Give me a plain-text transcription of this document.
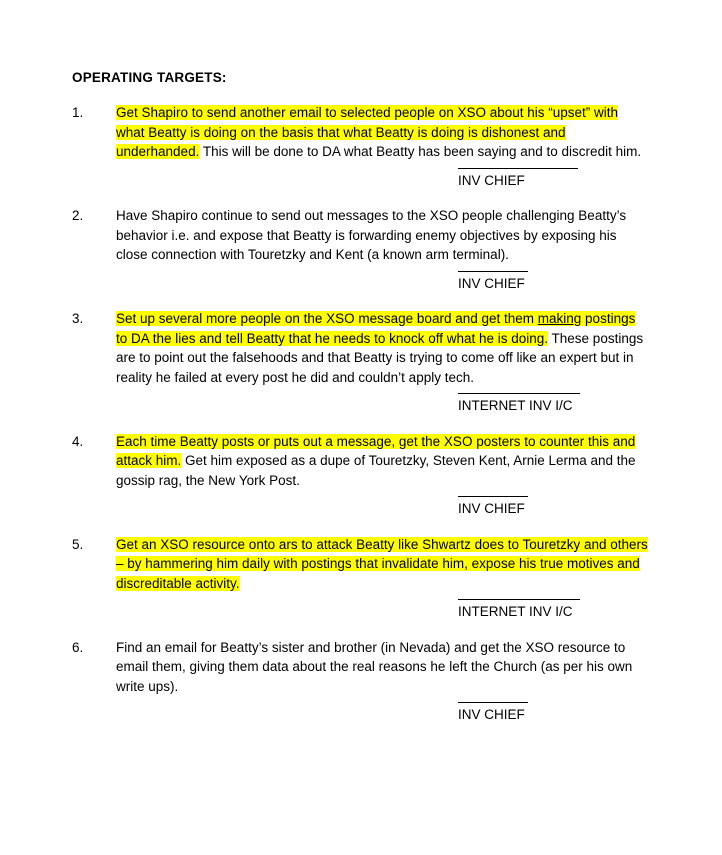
OPERATING TARGETS:
1.	Get Shapiro to send another email to selected people on XSO about his “upset” with what Beatty is doing on the basis that what Beatty is doing is dishonest and underhanded. This will be done to DA what Beatty has been saying and to discredit him.
INV CHIEF
2.	Have Shapiro continue to send out messages to the XSO people challenging Beatty’s behavior i.e. and expose that Beatty is forwarding enemy objectives by exposing his close connection with Touretzky and Kent (a known arm terminal).
INV CHIEF
3.	Set up several more people on the XSO message board and get them making postings to DA the lies and tell Beatty that he needs to knock off what he is doing. These postings are to point out the falsehoods and that Beatty is trying to come off like an expert but in reality he failed at every post he did and couldn’t apply tech.
INTERNET INV I/C
4.	Each time Beatty posts or puts out a message, get the XSO posters to counter this and attack him. Get him exposed as a dupe of Touretzky, Steven Kent, Arnie Lerma and the gossip rag, the New York Post.
INV CHIEF
5.	Get an XSO resource onto ars to attack Beatty like Shwartz does to Touretzky and others – by hammering him daily with postings that invalidate him, expose his true motives and discreditable activity.
INTERNET INV I/C
6.	Find an email for Beatty’s sister and brother (in Nevada) and get the XSO resource to email them, giving them data about the real reasons he left the Church (as per his own write ups).
INV CHIEF
